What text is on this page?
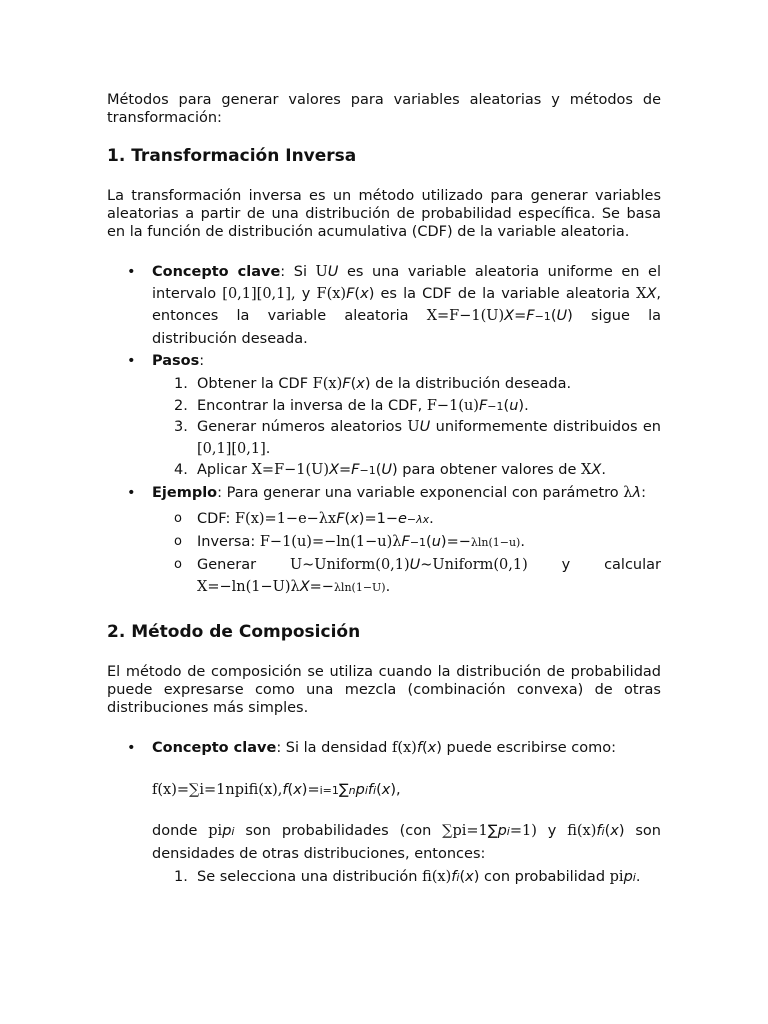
Métodos para generar valores para variables aleatorias y métodos de transformación:

1. Transformación Inversa

La transformación inversa es un método utilizado para generar variables aleatorias a partir de una distribución de probabilidad específica. Se basa en la función de distribución acumulativa (CDF) de la variable aleatoria.

• Concepto clave: Si UU es una variable aleatoria uniforme en el intervalo [0,1][0,1], y F(x)F(x) es la CDF de la variable aleatoria XX, entonces la variable aleatoria X=F−1(U)X=F−1(U) sigue la distribución deseada.
• Pasos:
1. Obtener la CDF F(x)F(x) de la distribución deseada.
2. Encontrar la inversa de la CDF, F−1(u)F−1(u).
3. Generar números aleatorios UU uniformemente distribuidos en [0,1][0,1].
4. Aplicar X=F−1(U)X=F−1(U) para obtener valores de XX.
• Ejemplo: Para generar una variable exponencial con parámetro λλ:
o CDF: F(x)=1−e−λxF(x)=1−e−λx.
o Inversa: F−1(u)=−ln(1−u)λF−1(u)=−λln(1−u).
o Generar U∼Uniform(0,1)U∼Uniform(0,1) y calcular X=−ln(1−U)λX=−λln(1−U).
2. Método de Composición

El método de composición se utiliza cuando la distribución de probabilidad puede expresarse como una mezcla (combinación convexa) de otras distribuciones más simples.

• Concepto clave: Si la densidad f(x)f(x) puede escribirse como:
f(x)=∑i=1npifi(x),f(x)=i=1∑npifi(x),
donde pipi son probabilidades (con ∑pi=1∑pi=1) y fi(x)fi(x) son densidades de otras distribuciones, entonces:
1. Se selecciona una distribución fi(x)fi(x) con probabilidad pipi.
